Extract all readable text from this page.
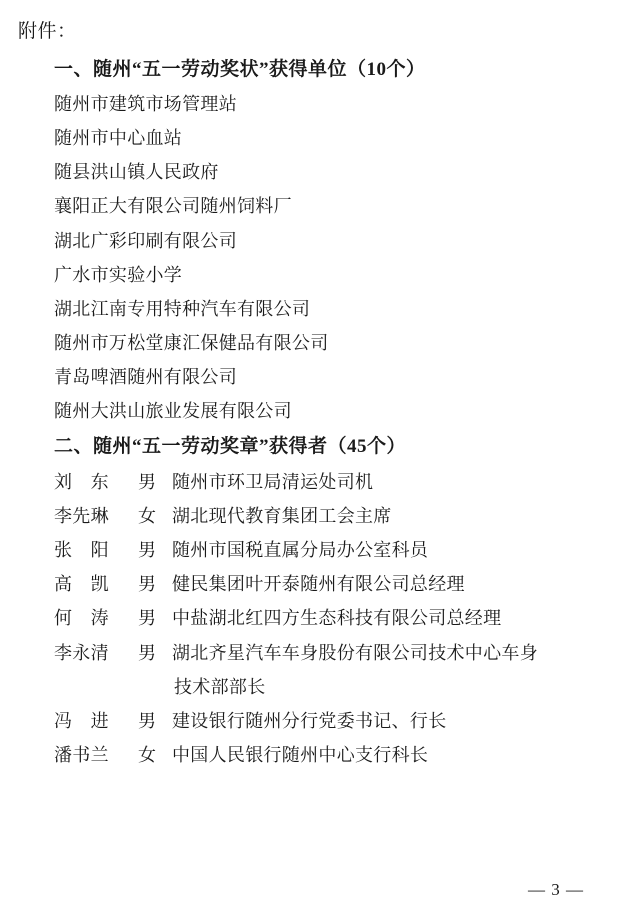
附件：
一、随州“五一劳动奖状”获得单位（10个）
随州市建筑市场管理站
随州市中心血站
随县洪山镇人民政府
襄阳正大有限公司随州饲料厂
湖北广彩印刷有限公司
广水市实验小学
湖北江南专用特种汽车有限公司
随州市万松堂康汇保健品有限公司
青岛啤酒随州有限公司
随州大洪山旅业发展有限公司
二、随州“五一劳动奖章”获得者（45个）
刘　东	男 随州市环卫局清运处司机
李先琳	女 湖北现代教育集团工会主席
张　阳	男 随州市国税直属分局办公室科员
高　凯	男 健民集团叶开泰随州有限公司总经理
何　涛	男 中盐湖北红四方生态科技有限公司总经理
李永清	男 湖北齐星汽车车身股份有限公司技术中心车身
技术部部长
冯　进	男 建设银行随州分行党委书记、行长
潘书兰	女 中国人民银行随州中心支行科长
— 3 —
